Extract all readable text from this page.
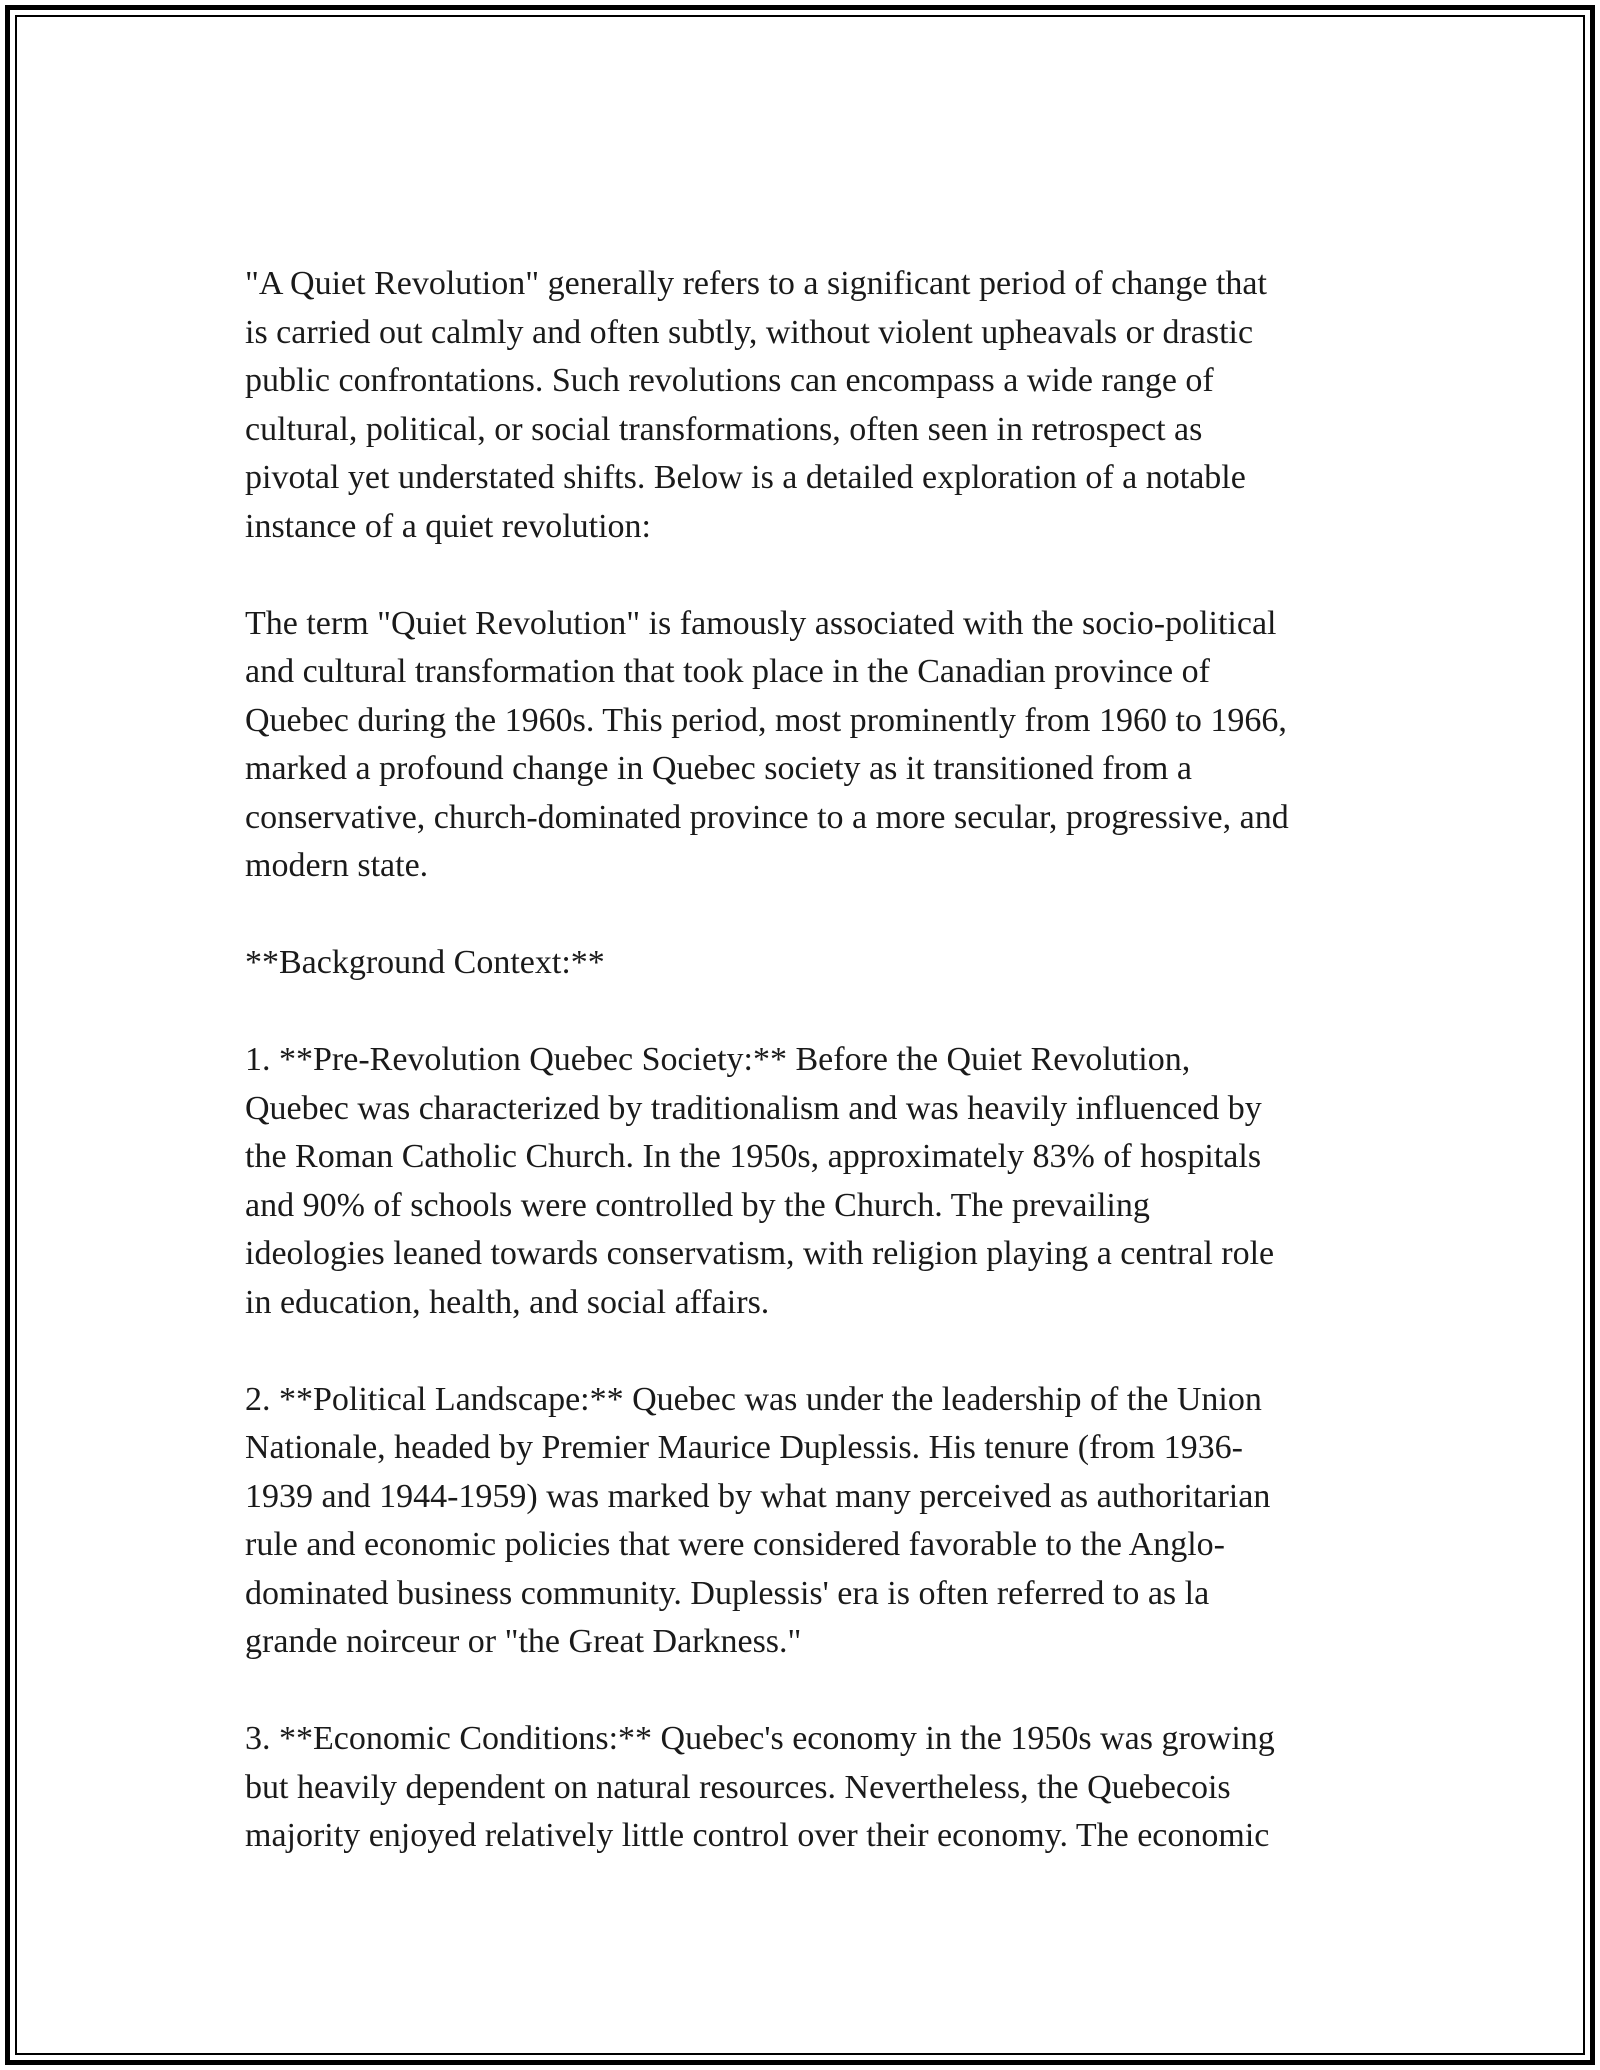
"A Quiet Revolution" generally refers to a significant period of change that
is carried out calmly and often subtly, without violent upheavals or drastic
public confrontations. Such revolutions can encompass a wide range of
cultural, political, or social transformations, often seen in retrospect as
pivotal yet understated shifts. Below is a detailed exploration of a notable
instance of a quiet revolution:

The term "Quiet Revolution" is famously associated with the socio-political
and cultural transformation that took place in the Canadian province of
Quebec during the 1960s. This period, most prominently from 1960 to 1966,
marked a profound change in Quebec society as it transitioned from a
conservative, church-dominated province to a more secular, progressive, and
modern state.

**Background Context:**

1. **Pre-Revolution Quebec Society:** Before the Quiet Revolution,
Quebec was characterized by traditionalism and was heavily influenced by
the Roman Catholic Church. In the 1950s, approximately 83% of hospitals
and 90% of schools were controlled by the Church. The prevailing
ideologies leaned towards conservatism, with religion playing a central role
in education, health, and social affairs.

2. **Political Landscape:** Quebec was under the leadership of the Union
Nationale, headed by Premier Maurice Duplessis. His tenure (from 1936-
1939 and 1944-1959) was marked by what many perceived as authoritarian
rule and economic policies that were considered favorable to the Anglo-
dominated business community. Duplessis' era is often referred to as la
grande noirceur or "the Great Darkness."

3. **Economic Conditions:** Quebec's economy in the 1950s was growing
but heavily dependent on natural resources. Nevertheless, the Quebecois
majority enjoyed relatively little control over their economy. The economic
